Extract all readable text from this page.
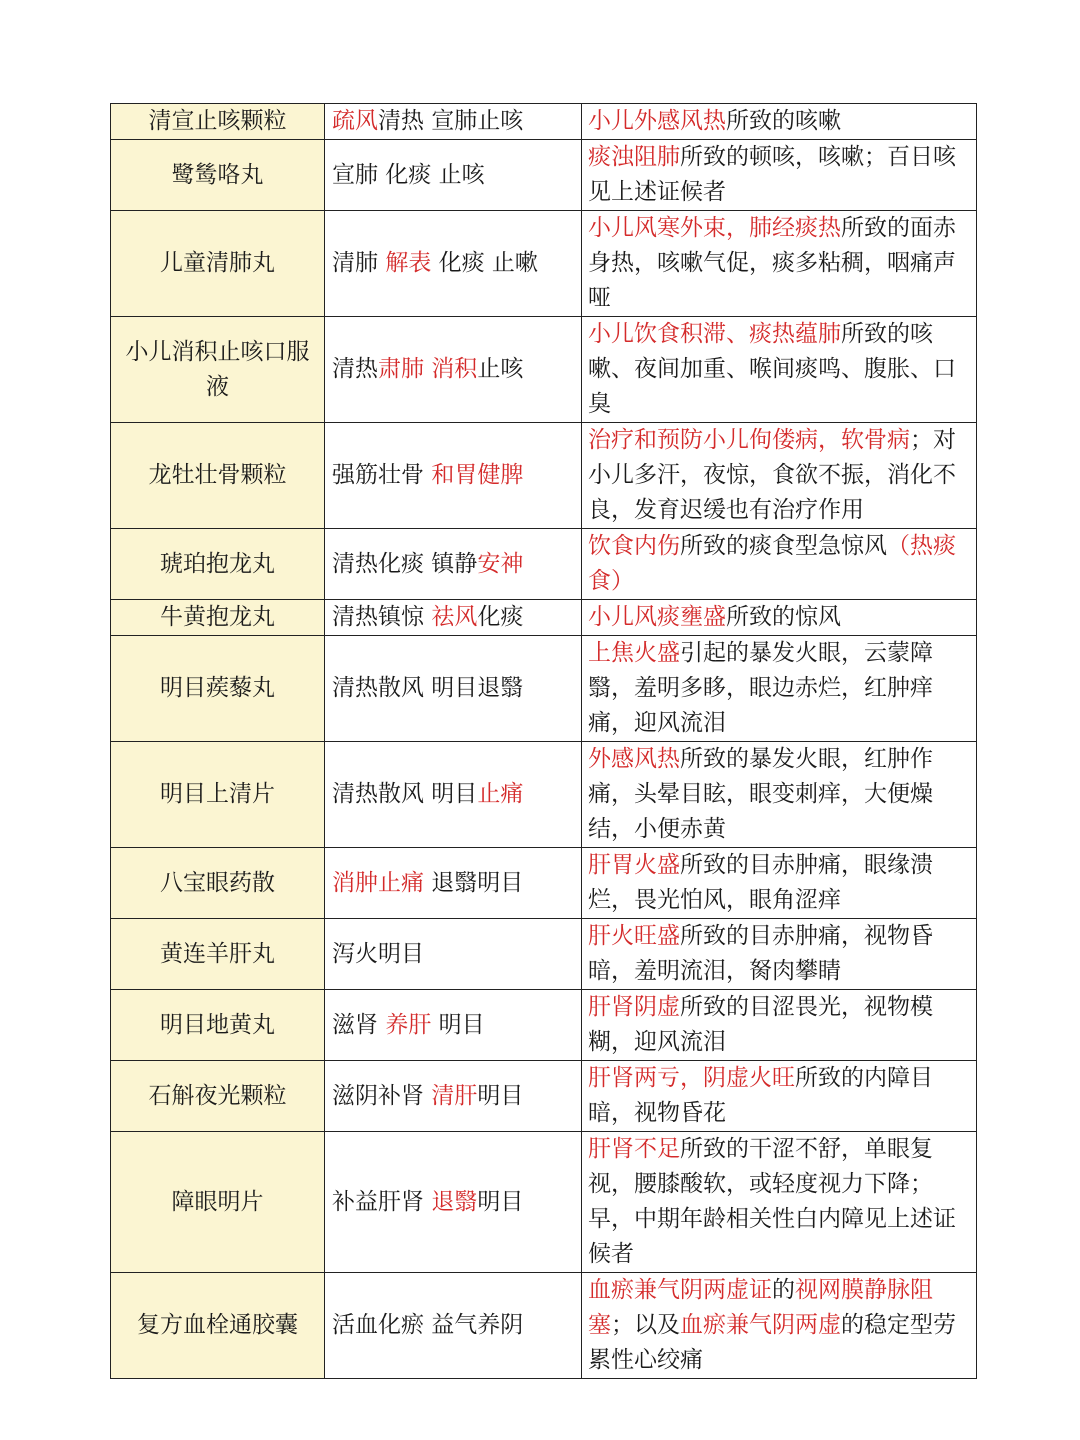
清宣止咳颗粒	疏风清热 宣肺止咳	小儿外感风热所致的咳嗽
鹭鸶咯丸	宣肺 化痰 止咳	痰浊阻肺所致的顿咳，咳嗽；百日咳见上述证候者
儿童清肺丸	清肺 解表 化痰 止嗽	小儿风寒外束，肺经痰热所致的面赤身热，咳嗽气促，痰多粘稠，咽痛声哑
小儿消积止咳口服液	清热肃肺 消积止咳	小儿饮食积滞、痰热蕴肺所致的咳嗽、夜间加重、喉间痰鸣、腹胀、口臭
龙牡壮骨颗粒	强筋壮骨 和胃健脾	治疗和预防小儿佝偻病，软骨病；对小儿多汗，夜惊，食欲不振，消化不良，发育迟缓也有治疗作用
琥珀抱龙丸	清热化痰 镇静安神	饮食内伤所致的痰食型急惊风（热痰食）
牛黄抱龙丸	清热镇惊 祛风化痰	小儿风痰壅盛所致的惊风
明目蒺藜丸	清热散风 明目退翳	上焦火盛引起的暴发火眼，云蒙障翳，羞明多眵，眼边赤烂，红肿痒痛，迎风流泪
明目上清片	清热散风 明目止痛	外感风热所致的暴发火眼，红肿作痛，头晕目眩，眼变刺痒，大便燥结，小便赤黄
八宝眼药散	消肿止痛 退翳明目	肝胃火盛所致的目赤肿痛，眼缘溃烂，畏光怕风，眼角涩痒
黄连羊肝丸	泻火明目	肝火旺盛所致的目赤肿痛，视物昏暗，羞明流泪，胬肉攀睛
明目地黄丸	滋肾 养肝 明目	肝肾阴虚所致的目涩畏光，视物模糊，迎风流泪
石斛夜光颗粒	滋阴补肾 清肝明目	肝肾两亏，阴虚火旺所致的内障目暗，视物昏花
障眼明片	补益肝肾 退翳明目	肝肾不足所致的干涩不舒，单眼复视，腰膝酸软，或轻度视力下降；早，中期年龄相关性白内障见上述证候者
复方血栓通胶囊	活血化瘀 益气养阴	血瘀兼气阴两虚证的视网膜静脉阻塞；以及血瘀兼气阴两虚的稳定型劳累性心绞痛
